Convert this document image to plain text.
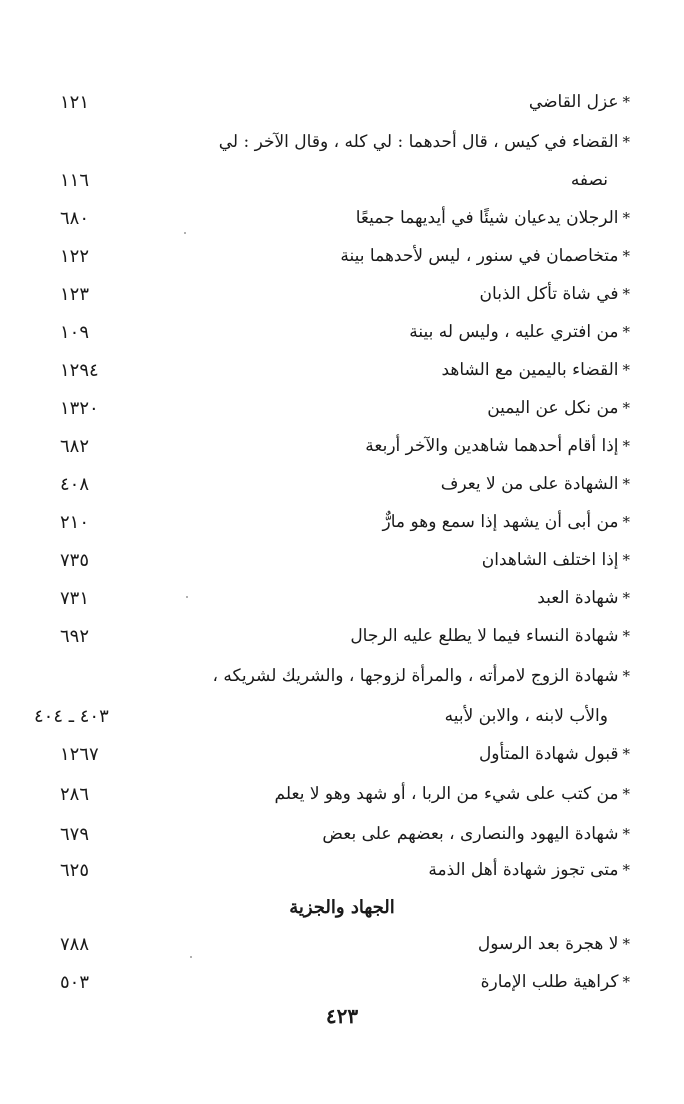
*عزل القاضي
١٢١
*القضاء في كيس ، قال أحدهما : لي كله ، وقال الآخر : لي
نصفه
١١٦
*الرجلان يدعيان شيئًا في أيديهما جميعًا
٦٨٠
*متخاصمان في سنور ، ليس لأحدهما بينة
١٢٢
*في شاة تأكل الذبان
١٢٣
*من افتري عليه ، وليس له بينة
١٠٩
*القضاء باليمين مع الشاهد
١٢٩٤
*من نكل عن اليمين
١٣٢٠
*إذا أقام أحدهما شاهدين والآخر أربعة
٦٨٢
*الشهادة على من لا يعرف
٤٠٨
*من أبى أن يشهد إذا سمع وهو مارٌّ
٢١٠
*إذا اختلف الشاهدان
٧٣٥
*شهادة العبد
٧٣١
*شهادة النساء فيما لا يطلع عليه الرجال
٦٩٢
*شهادة الزوج لامرأته ، والمرأة لزوجها ، والشريك لشريكه ،
والأب لابنه ، والابن لأبيه
٤٠٣ ـ ٤٠٤
*قبول شهادة المتأول
١٢٦٧
*من كتب على شيء من الربا ، أو شهد وهو لا يعلم
٢٨٦
*شهادة اليهود والنصارى ، بعضهم على بعض
٦٧٩
*متى تجوز شهادة أهل الذمة
٦٢٥
الجهاد والجزية
*لا هجرة بعد الرسول
٧٨٨
*كراهية طلب الإمارة
٥٠٣
٤٢٣
